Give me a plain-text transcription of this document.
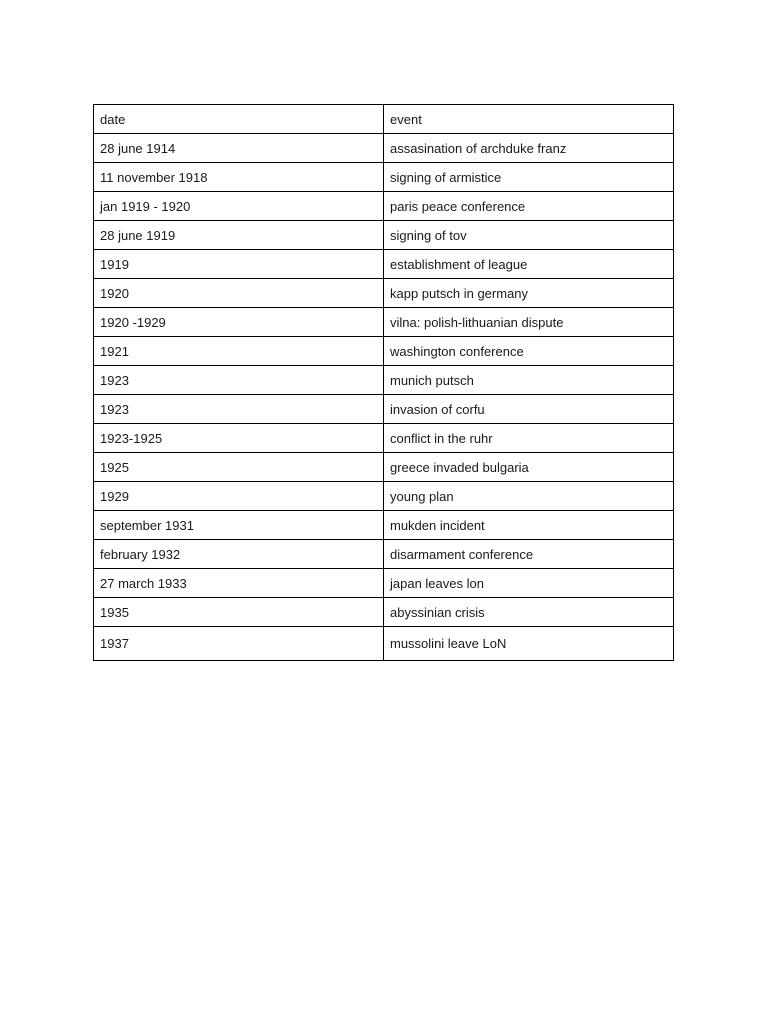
date	event
28 june 1914	assasination of archduke franz
11 november 1918	signing of armistice
jan 1919 - 1920	paris peace conference
28 june 1919	signing of tov
1919	establishment of league
1920	kapp putsch in germany
1920 -1929	vilna: polish-lithuanian dispute
1921	washington conference
1923	munich putsch
1923	invasion of corfu
1923-1925	conflict in the ruhr
1925	greece invaded bulgaria
1929	young plan
september 1931	mukden incident
february 1932	disarmament conference
27 march 1933	japan leaves lon
1935	abyssinian crisis
1937	mussolini leave LoN
